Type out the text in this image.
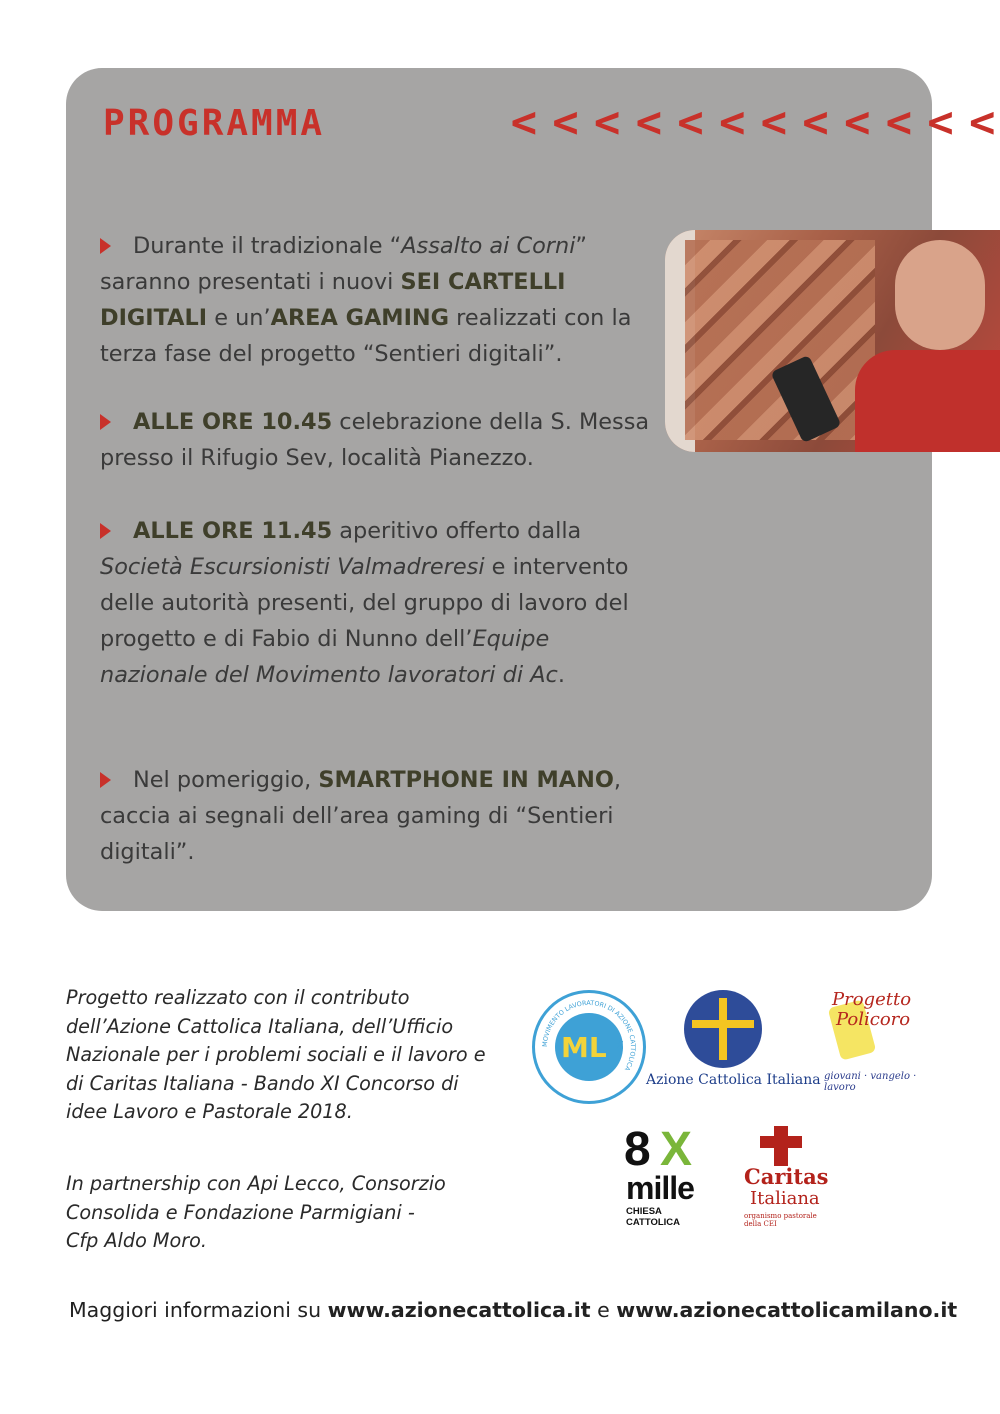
PROGRAMMA	< < < < < < < < < < < <
Durante il tradizionale “Assalto ai Corni” saranno presentati i nuovi SEI CARTELLI DIGITALI e un’AREA GAMING realizzati con la terza fase del progetto “Sentieri digitali”.
ALLE ORE 10.45 celebrazione della S. Messa presso il Rifugio Sev, località Pianezzo.
ALLE ORE 11.45 aperitivo offerto dalla Società Escursionisti Valmadreresi e intervento delle autorità presenti, del gruppo di lavoro del progetto e di Fabio di Nunno dell’Equipe nazionale del Movimento lavoratori di Ac.
Nel pomeriggio, SMARTPHONE IN MANO, caccia ai segnali dell’area gaming di “Sentieri digitali”.
Progetto realizzato con il contributo dell’Azione Cattolica Italiana, dell’Ufficio Nazionale per i problemi sociali e il lavoro e di Caritas Italiana - Bando XI Concorso di idee Lavoro e Pastorale 2018.
In partnership con Api Lecco, Consorzio Consolida e Fondazione Parmigiani - Cfp Aldo Moro.
Maggiori informazioni su www.azionecattolica.it e www.azionecattolicamilano.it
MOVIMENTO LAVORATORI DI AZIONE CATTOLICA
ML AC
Azione Cattolica Italiana
Progetto
Policoro
giovani · vangelo · lavoro
8 X
mille
CHIESA CATTOLICA
Caritas
Italiana
organismo pastorale della CEI
